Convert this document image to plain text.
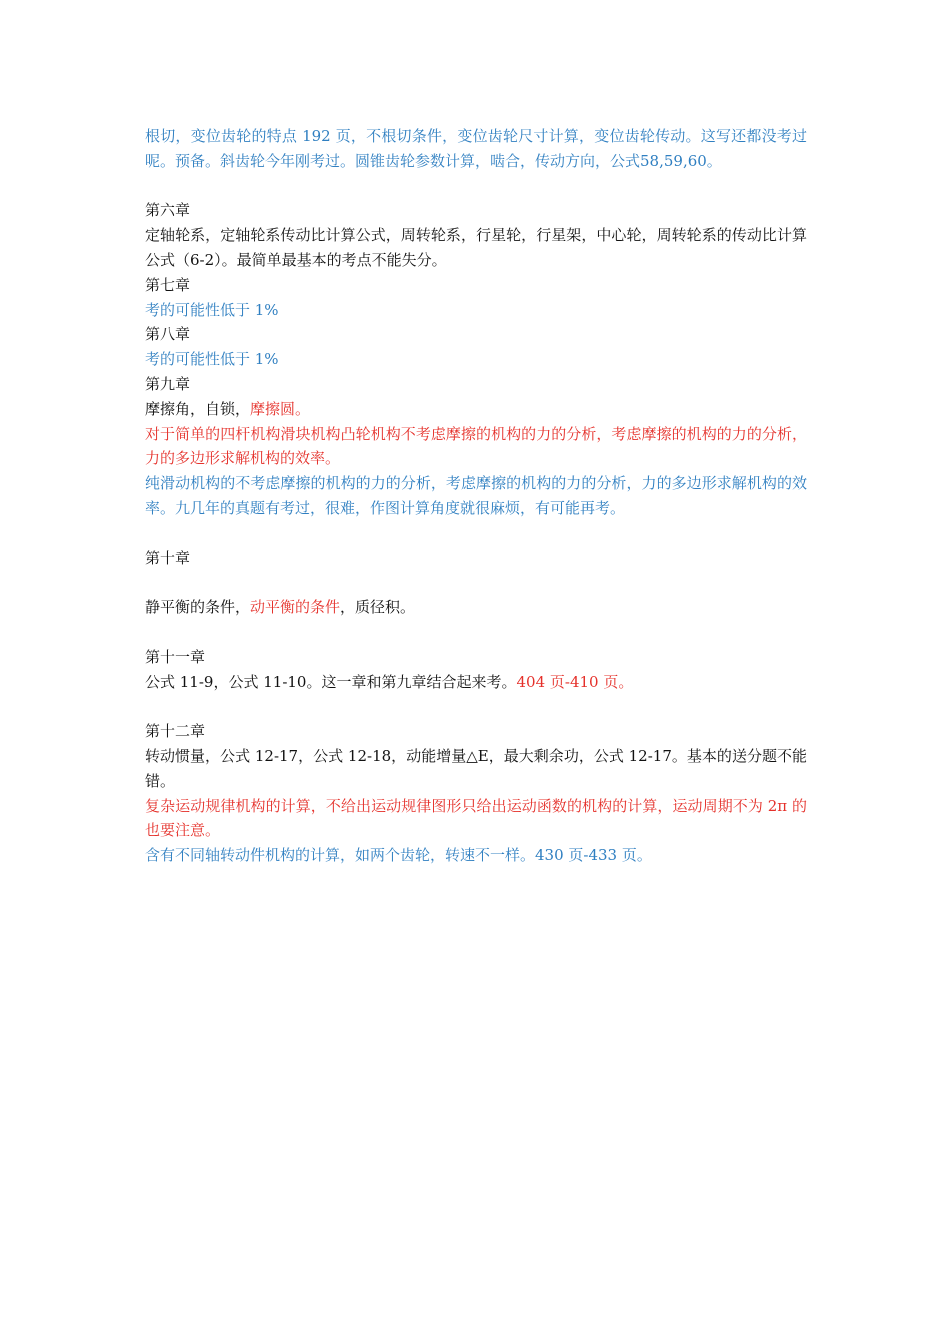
根切，变位齿轮的特点 192 页，不根切条件，变位齿轮尺寸计算，变位齿轮传动。这写还都没考过呢。预备。斜齿轮今年刚考过。圆锥齿轮参数计算，啮合，传动方向，公式58,59,60。

第六章

定轴轮系，定轴轮系传动比计算公式，周转轮系，行星轮，行星架，中心轮，周转轮系的传动比计算公式（6-2）。最简单最基本的考点不能失分。

第七章

考的可能性低于 1%

第八章

考的可能性低于 1%

第九章

摩擦角，自锁，摩擦圆。

对于简单的四杆机构滑块机构凸轮机构不考虑摩擦的机构的力的分析，考虑摩擦的机构的力的分析，力的多边形求解机构的效率。

纯滑动机构的不考虑摩擦的机构的力的分析，考虑摩擦的机构的力的分析，力的多边形求解机构的效率。九几年的真题有考过，很难，作图计算角度就很麻烦，有可能再考。

第十章

静平衡的条件，动平衡的条件，质径积。

第十一章

公式 11-9，公式 11-10。这一章和第九章结合起来考。404 页-410 页。

第十二章

转动惯量，公式 12-17，公式 12-18，动能增量△E，最大剩余功，公式 12-17。基本的送分题不能错。

复杂运动规律机构的计算，不给出运动规律图形只给出运动函数的机构的计算，运动周期不为 2π 的也要注意。

含有不同轴转动件机构的计算，如两个齿轮，转速不一样。430 页-433 页。
